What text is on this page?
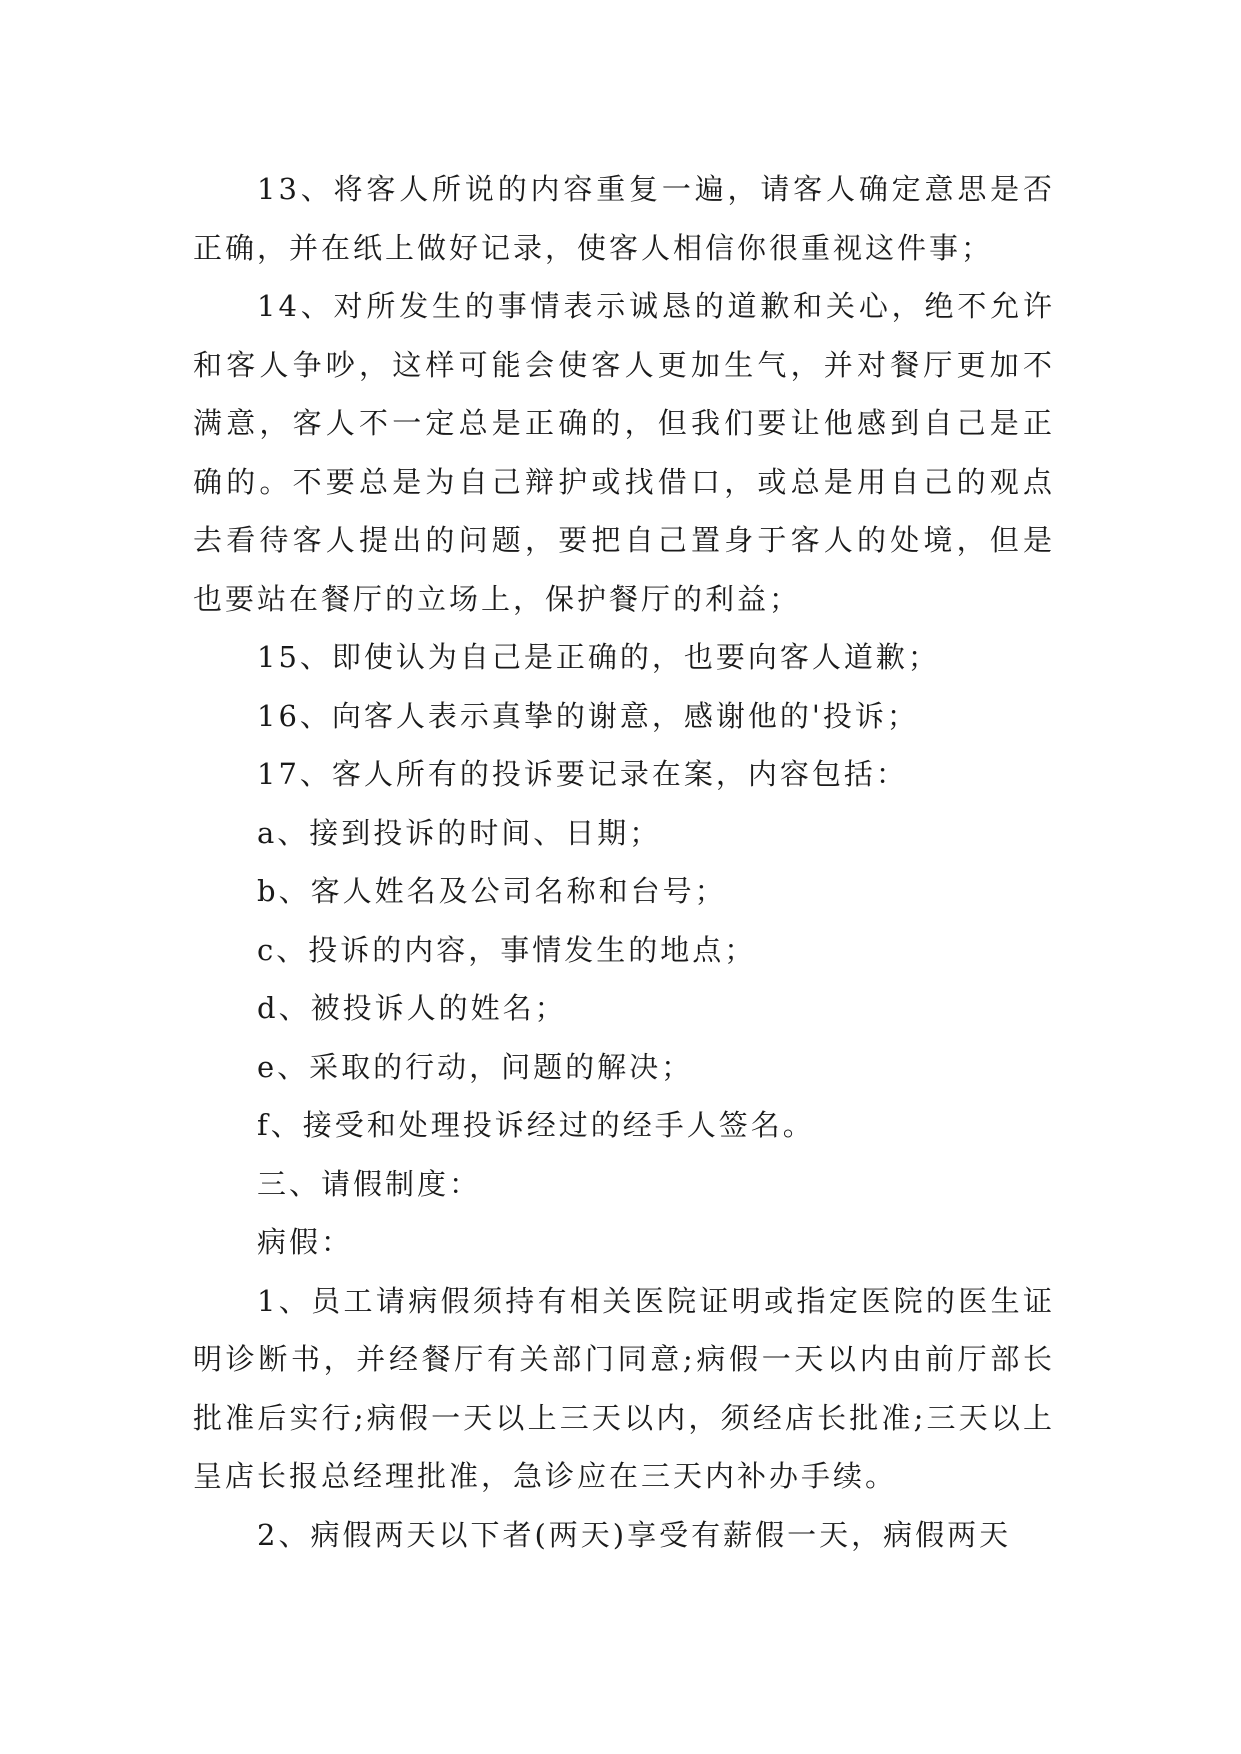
13、将客人所说的内容重复一遍，请客人确定意思是否正确，并在纸上做好记录，使客人相信你很重视这件事；

14、对所发生的事情表示诚恳的道歉和关心，绝不允许和客人争吵，这样可能会使客人更加生气，并对餐厅更加不满意，客人不一定总是正确的，但我们要让他感到自己是正确的。不要总是为自己辩护或找借口，或总是用自己的观点去看待客人提出的问题，要把自己置身于客人的处境，但是也要站在餐厅的立场上，保护餐厅的利益；

15、即使认为自己是正确的，也要向客人道歉；

16、向客人表示真挚的谢意，感谢他的'投诉；

17、客人所有的投诉要记录在案，内容包括：

a、接到投诉的时间、日期；

b、客人姓名及公司名称和台号；

c、投诉的内容，事情发生的地点；

d、被投诉人的姓名；

e、采取的行动，问题的解决；

f、接受和处理投诉经过的经手人签名。

三、请假制度：

病假：

1、员工请病假须持有相关医院证明或指定医院的医生证明诊断书，并经餐厅有关部门同意;病假一天以内由前厅部长批准后实行;病假一天以上三天以内，须经店长批准;三天以上呈店长报总经理批准，急诊应在三天内补办手续。

2、病假两天以下者(两天)享受有薪假一天，病假两天
